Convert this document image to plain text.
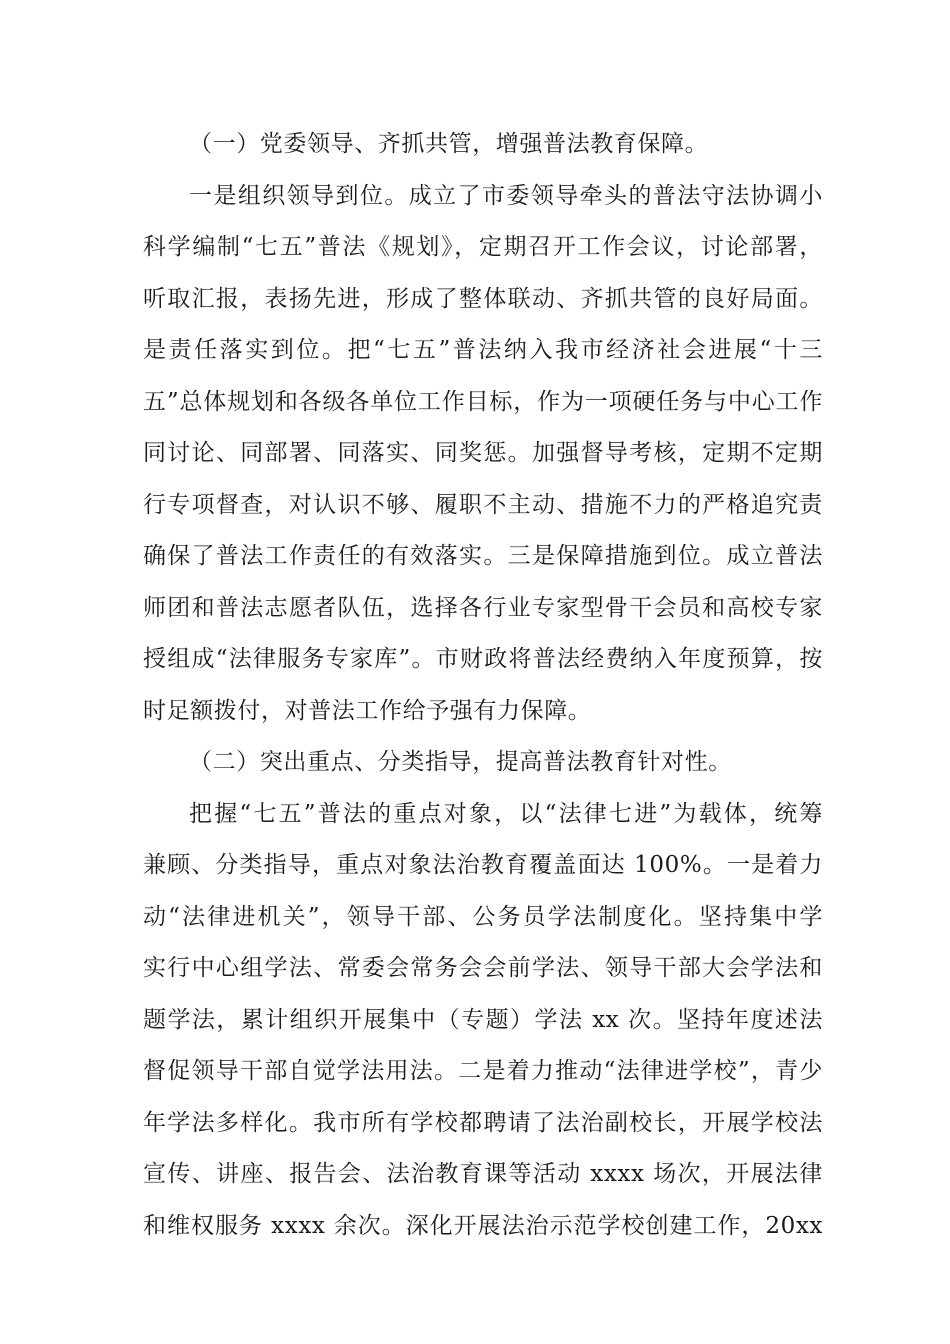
（一）党委领导、齐抓共管，增强普法教育保障。
一是组织领导到位。成立了市委领导牵头的普法守法协调小
科学编制“七五”普法《规划》，定期召开工作会议，讨论部署，
听取汇报，表扬先进，形成了整体联动、齐抓共管的良好局面。
是责任落实到位。把“七五”普法纳入我市经济社会进展“十三
五”总体规划和各级各单位工作目标，作为一项硬任务与中心工作
同讨论、同部署、同落实、同奖惩。加强督导考核，定期不定期
行专项督查，对认识不够、履职不主动、措施不力的严格追究责
确保了普法工作责任的有效落实。三是保障措施到位。成立普法
师团和普法志愿者队伍，选择各行业专家型骨干会员和高校专家
授组成“法律服务专家库”。市财政将普法经费纳入年度预算，按
时足额拨付，对普法工作给予强有力保障。
（二）突出重点、分类指导，提高普法教育针对性。
把握“七五”普法的重点对象，以“法律七进”为载体，统筹
兼顾、分类指导，重点对象法治教育覆盖面达 100%。一是着力
动“法律进机关”，领导干部、公务员学法制度化。坚持集中学
实行中心组学法、常委会常务会会前学法、领导干部大会学法和
题学法，累计组织开展集中（专题）学法 xx 次。坚持年度述法
督促领导干部自觉学法用法。二是着力推动“法律进学校”，青少
年学法多样化。我市所有学校都聘请了法治副校长，开展学校法
宣传、讲座、报告会、法治教育课等活动 xxxx 场次，开展法律
和维权服务 xxxx 余次。深化开展法治示范学校创建工作，20xx
